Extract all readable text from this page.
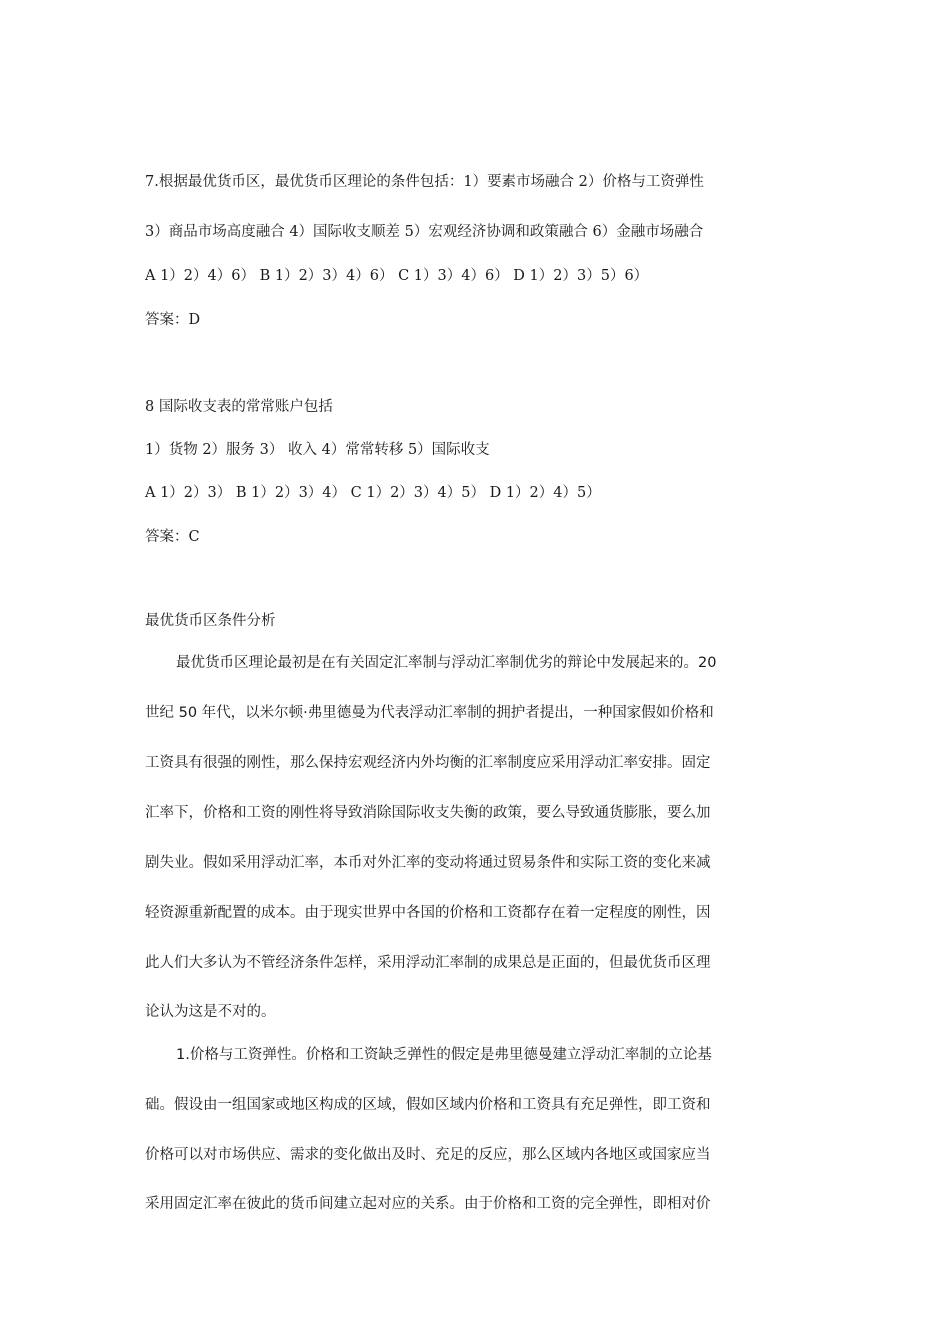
7.根据最优货币区，最优货币区理论的条件包括：1）要素市场融合 2）价格与工资弹性
3）商品市场高度融合 4）国际收支顺差 5）宏观经济协调和政策融合 6）金融市场融合
A 1）2）4）6） B 1）2）3）4）6） C 1）3）4）6） D 1）2）3）5）6）
答案：D
8 国际收支表的常常账户包括
1）货物 2）服务 3） 收入 4）常常转移 5）国际收支
A 1）2）3） B 1）2）3）4） C 1）2）3）4）5） D 1）2）4）5）
答案：C
最优货币区条件分析
最优货币区理论最初是在有关固定汇率制与浮动汇率制优劣的辩论中发展起来的。20
世纪 50 年代，以米尔顿·弗里德曼为代表浮动汇率制的拥护者提出，一种国家假如价格和
工资具有很强的刚性，那么保持宏观经济内外均衡的汇率制度应采用浮动汇率安排。固定
汇率下，价格和工资的刚性将导致消除国际收支失衡的政策，要么导致通货膨胀，要么加
剧失业。假如采用浮动汇率，本币对外汇率的变动将通过贸易条件和实际工资的变化来减
轻资源重新配置的成本。由于现实世界中各国的价格和工资都存在着一定程度的刚性，因
此人们大多认为不管经济条件怎样，采用浮动汇率制的成果总是正面的，但最优货币区理
论认为这是不对的。
1.价格与工资弹性。价格和工资缺乏弹性的假定是弗里德曼建立浮动汇率制的立论基
础。假设由一组国家或地区构成的区域，假如区域内价格和工资具有充足弹性，即工资和
价格可以对市场供应、需求的变化做出及时、充足的反应，那么区域内各地区或国家应当
采用固定汇率在彼此的货币间建立起对应的关系。由于价格和工资的完全弹性，即相对价
